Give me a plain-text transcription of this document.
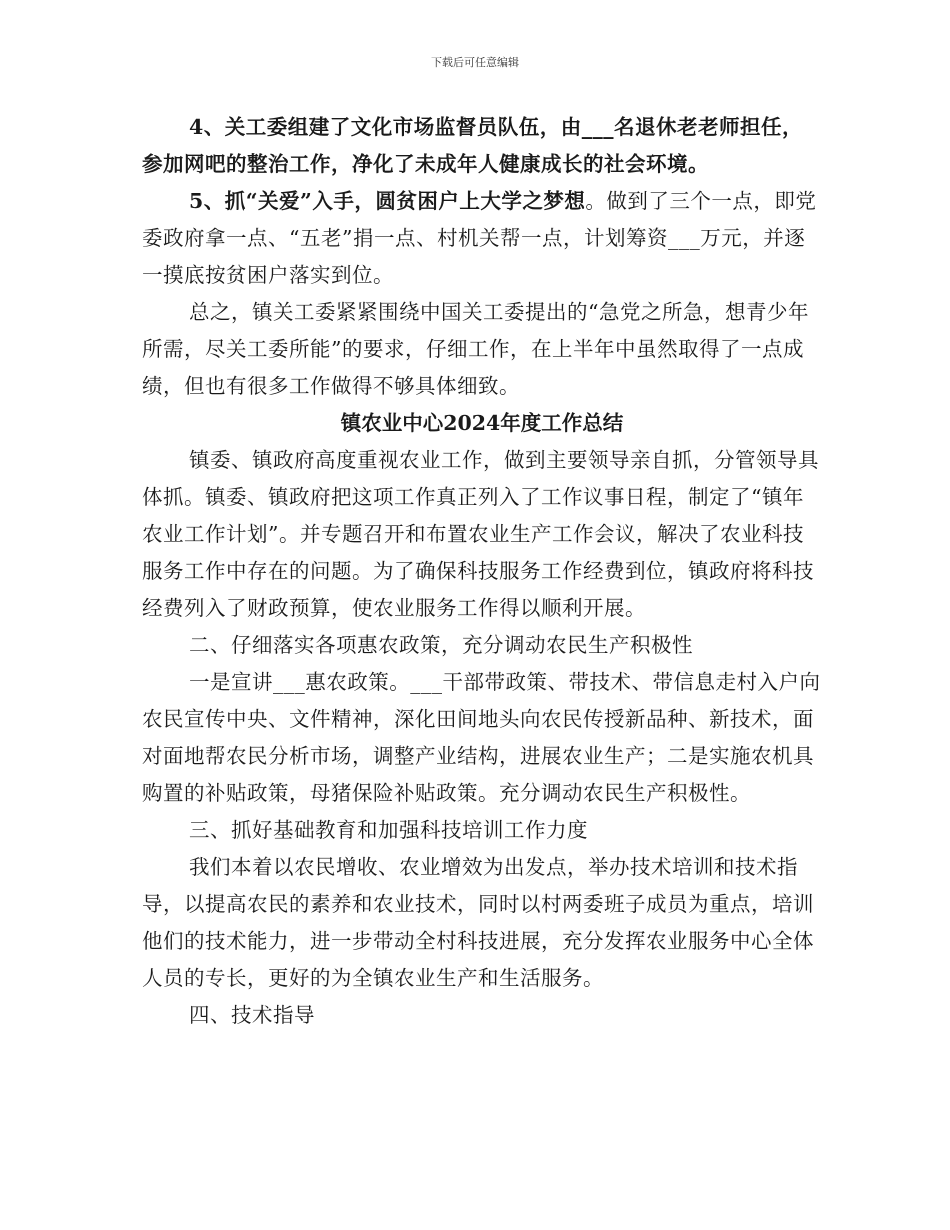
下载后可任意编辑

4、关工委组建了文化市场监督员队伍，由___名退休老老师担任，参加网吧的整治工作，净化了未成年人健康成长的社会环境。

5、抓“关爱”入手，圆贫困户上大学之梦想。做到了三个一点，即党委政府拿一点、“五老”捐一点、村机关帮一点，计划筹资___万元，并逐一摸底按贫困户落实到位。

总之，镇关工委紧紧围绕中国关工委提出的“急党之所急，想青少年所需，尽关工委所能”的要求，仔细工作，在上半年中虽然取得了一点成绩，但也有很多工作做得不够具体细致。

镇农业中心2024年度工作总结

镇委、镇政府高度重视农业工作，做到主要领导亲自抓，分管领导具体抓。镇委、镇政府把这项工作真正列入了工作议事日程，制定了“镇年农业工作计划”。并专题召开和布置农业生产工作会议，解决了农业科技服务工作中存在的问题。为了确保科技服务工作经费到位，镇政府将科技经费列入了财政预算，使农业服务工作得以顺利开展。

二、仔细落实各项惠农政策，充分调动农民生产积极性

一是宣讲___惠农政策。___干部带政策、带技术、带信息走村入户向农民宣传中央、文件精神，深化田间地头向农民传授新品种、新技术，面对面地帮农民分析市场，调整产业结构，进展农业生产；二是实施农机具购置的补贴政策，母猪保险补贴政策。充分调动农民生产积极性。

三、抓好基础教育和加强科技培训工作力度

我们本着以农民增收、农业增效为出发点，举办技术培训和技术指导，以提高农民的素养和农业技术，同时以村两委班子成员为重点，培训他们的技术能力，进一步带动全村科技进展，充分发挥农业服务中心全体人员的专长，更好的为全镇农业生产和生活服务。

四、技术指导
